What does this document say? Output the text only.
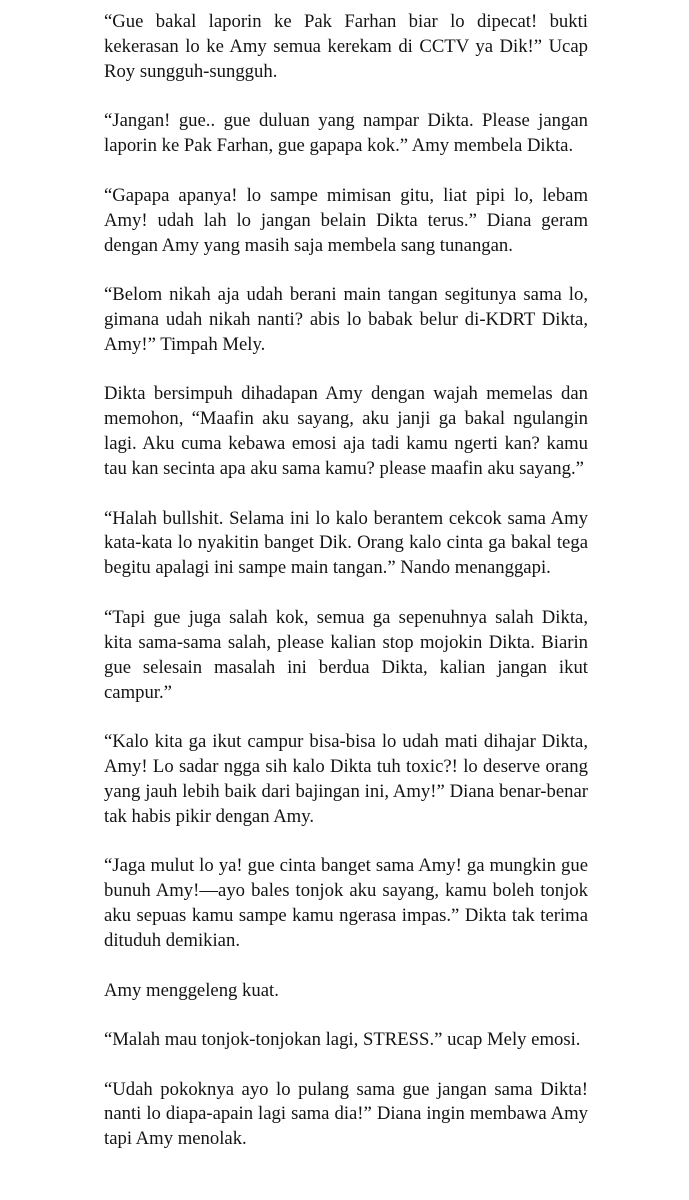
“Gue bakal laporin ke Pak Farhan biar lo dipecat! bukti kekerasan lo ke Amy semua kerekam di CCTV ya Dik!” Ucap Roy sungguh-sungguh.

“Jangan! gue.. gue duluan yang nampar Dikta. Please jangan laporin ke Pak Farhan, gue gapapa kok.” Amy membela Dikta.

“Gapapa apanya! lo sampe mimisan gitu, liat pipi lo, lebam Amy! udah lah lo jangan belain Dikta terus.” Diana geram dengan Amy yang masih saja membela sang tunangan.

“Belom nikah aja udah berani main tangan segitunya sama lo, gimana udah nikah nanti? abis lo babak belur di-KDRT Dikta, Amy!” Timpah Mely.

Dikta bersimpuh dihadapan Amy dengan wajah memelas dan memohon, “Maafin aku sayang, aku janji ga bakal ngulangin lagi. Aku cuma kebawa emosi aja tadi kamu ngerti kan? kamu tau kan secinta apa aku sama kamu? please maafin aku sayang.”

“Halah bullshit. Selama ini lo kalo berantem cekcok sama Amy kata-kata lo nyakitin banget Dik. Orang kalo cinta ga bakal tega begitu apalagi ini sampe main tangan.” Nando menanggapi.

“Tapi gue juga salah kok, semua ga sepenuhnya salah Dikta, kita sama-sama salah, please kalian stop mojokin Dikta. Biarin gue selesain masalah ini berdua Dikta, kalian jangan ikut campur.”

“Kalo kita ga ikut campur bisa-bisa lo udah mati dihajar Dikta, Amy! Lo sadar ngga sih kalo Dikta tuh toxic?! lo deserve orang yang jauh lebih baik dari bajingan ini, Amy!” Diana benar-benar tak habis pikir dengan Amy.

“Jaga mulut lo ya! gue cinta banget sama Amy! ga mungkin gue bunuh Amy!—ayo bales tonjok aku sayang, kamu boleh tonjok aku sepuas kamu sampe kamu ngerasa impas.” Dikta tak terima dituduh demikian.

Amy menggeleng kuat.

“Malah mau tonjok-tonjokan lagi, STRESS.” ucap Mely emosi.

“Udah pokoknya ayo lo pulang sama gue jangan sama Dikta! nanti lo diapa-apain lagi sama dia!” Diana ingin membawa Amy tapi Amy menolak.
